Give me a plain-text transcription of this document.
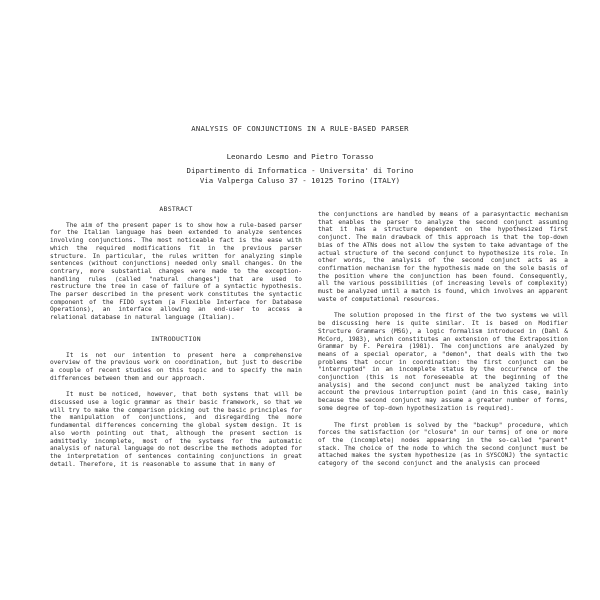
ANALYSIS OF CONJUNCTIONS IN A RULE-BASED PARSER
Leonardo Lesmo and Pietro Torasso
Dipartimento di Informatica - Universita' di Torino
Via Valperga Caluso 37 - 10125 Torino (ITALY)
ABSTRACT

The aim of the present paper is to show how a rule-based parser for the Italian language has been extended to analyze sentences involving conjunctions. The most noticeable fact is the ease with which the required modifications fit in the previous parser structure. In particular, the rules written for analyzing simple sentences (without conjunctions) needed only small changes. On the contrary, more substantial changes were made to the exception-handling rules (called "natural changes") that are used to restructure the tree in case of failure of a syntactic hypothesis. The parser described in the present work constitutes the syntactic component of the FIDO system (a Flexible Interface for Database Operations), an interface allowing an end-user to access a relational database in natural language (Italian).

INTRODUCTION

It is not our intention to present here a comprehensive overview of the previous work on coordination, but just to describe a couple of recent studies on this topic and to specify the main differences between them and our approach.

It must be noticed, however, that both systems that will be discussed use a logic grammar as their basic framework, so that we will try to make the comparison picking out the basic principles for the manipulation of conjunctions, and disregarding the more fundamental differences concerning the global system design. It is also worth pointing out that, although the present section is admittedly incomplete, most of the systems for the automatic analysis of natural language do not describe the methods adopted for the interpretation of sentences containing conjunctions in great detail. Therefore, it is reasonable to assume that in many of

the conjunctions are handled by means of a parasyntactic mechanism that enables the parser to analyze the second conjunct assuming that it has a structure dependent on the hypothesized first conjunct. The main drawback of this approach is that the top-down bias of the ATNs does not allow the system to take advantage of the actual structure of the second conjunct to hypothesize its role. In other words, the analysis of the second conjunct acts as a confirmation mechanism for the hypothesis made on the sole basis of the position where the conjunction has been found. Consequently, all the various possibilities (of increasing levels of complexity) must be analyzed until a match is found, which involves an apparent waste of computational resources.

The solution proposed in the first of the two systems we will be discussing here is quite similar. It is based on Modifier Structure Grammars (MSG), a logic formalism introduced in (Dahl & McCord, 1983), which constitutes an extension of the Extraposition Grammar by F. Pereira (1981). The conjunctions are analyzed by means of a special operator, a "demon", that deals with the two problems that occur in coordination: the first conjunct can be "interrupted" in an incomplete status by the occurrence of the conjunction (this is not foreseeable at the beginning of the analysis) and the second conjunct must be analyzed taking into account the previous interruption point (and in this case, mainly because the second conjunct may assume a greater number of forms, some degree of top-down hypothesization is required).

The first problem is solved by the "backup" procedure, which forces the satisfaction (or "closure" in our terms) of one or more of the (incomplete) nodes appearing in the so-called "parent" stack. The choice of the node to which the second conjunct must be attached makes the system hypothesize (as in SYSCONJ) the syntactic category of the second conjunct and the analysis can proceed
